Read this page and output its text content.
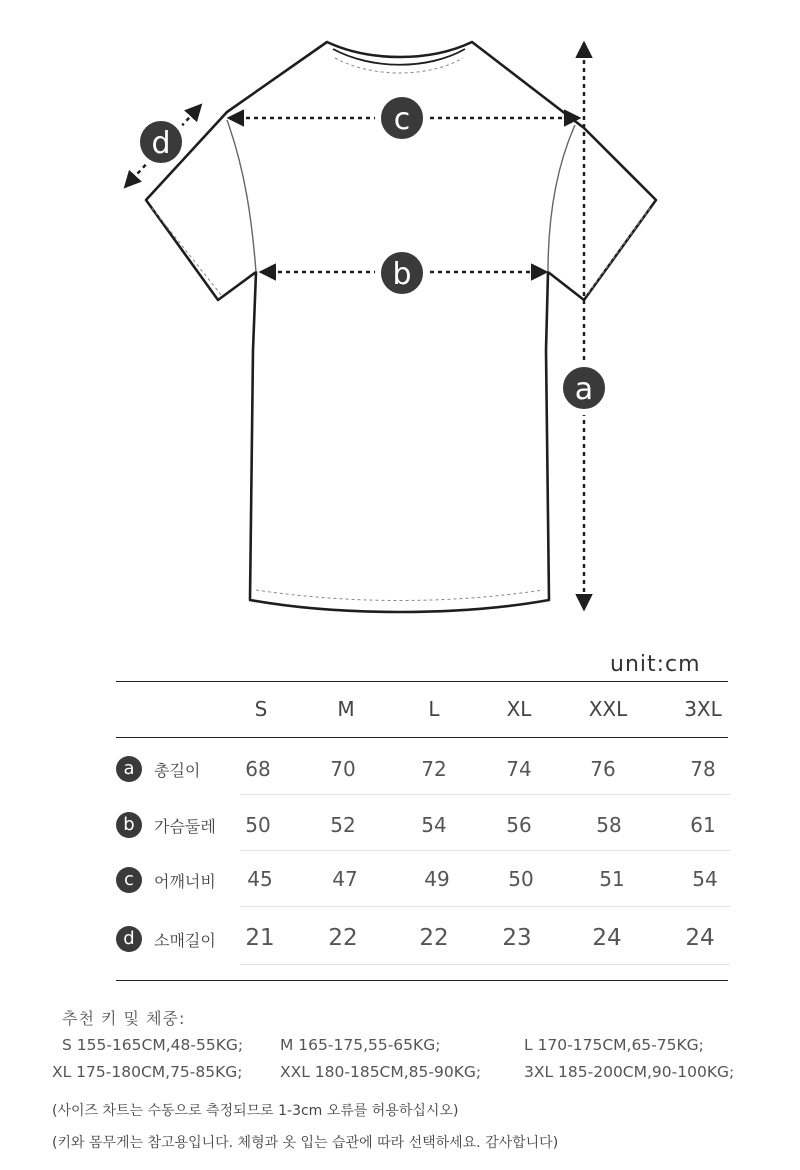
c
b
a
d
unit:cm
S	M	L	XL	XXL	3XL
a	총길이	68	70	72	74	76	78
b	가슴둘레	50	52	54	56	58	61
c	어깨너비	45	47	49	50	51	54
d	소매길이	21	22	22	23	24	24
추천 키 및 체중:
S 155-165CM,48-55KG; M 165-175,55-65KG;	L 170-175CM,65-75KG;
XL 175-180CM,75-85KG; XXL 180-185CM,85-90KG;	3XL 185-200CM,90-100KG;
(사이즈 차트는 수동으로 측정되므로 1-3cm 오류를 허용하십시오)
(키와 몸무게는 참고용입니다. 체형과 옷 입는 습관에 따라 선택하세요. 감사합니다)
